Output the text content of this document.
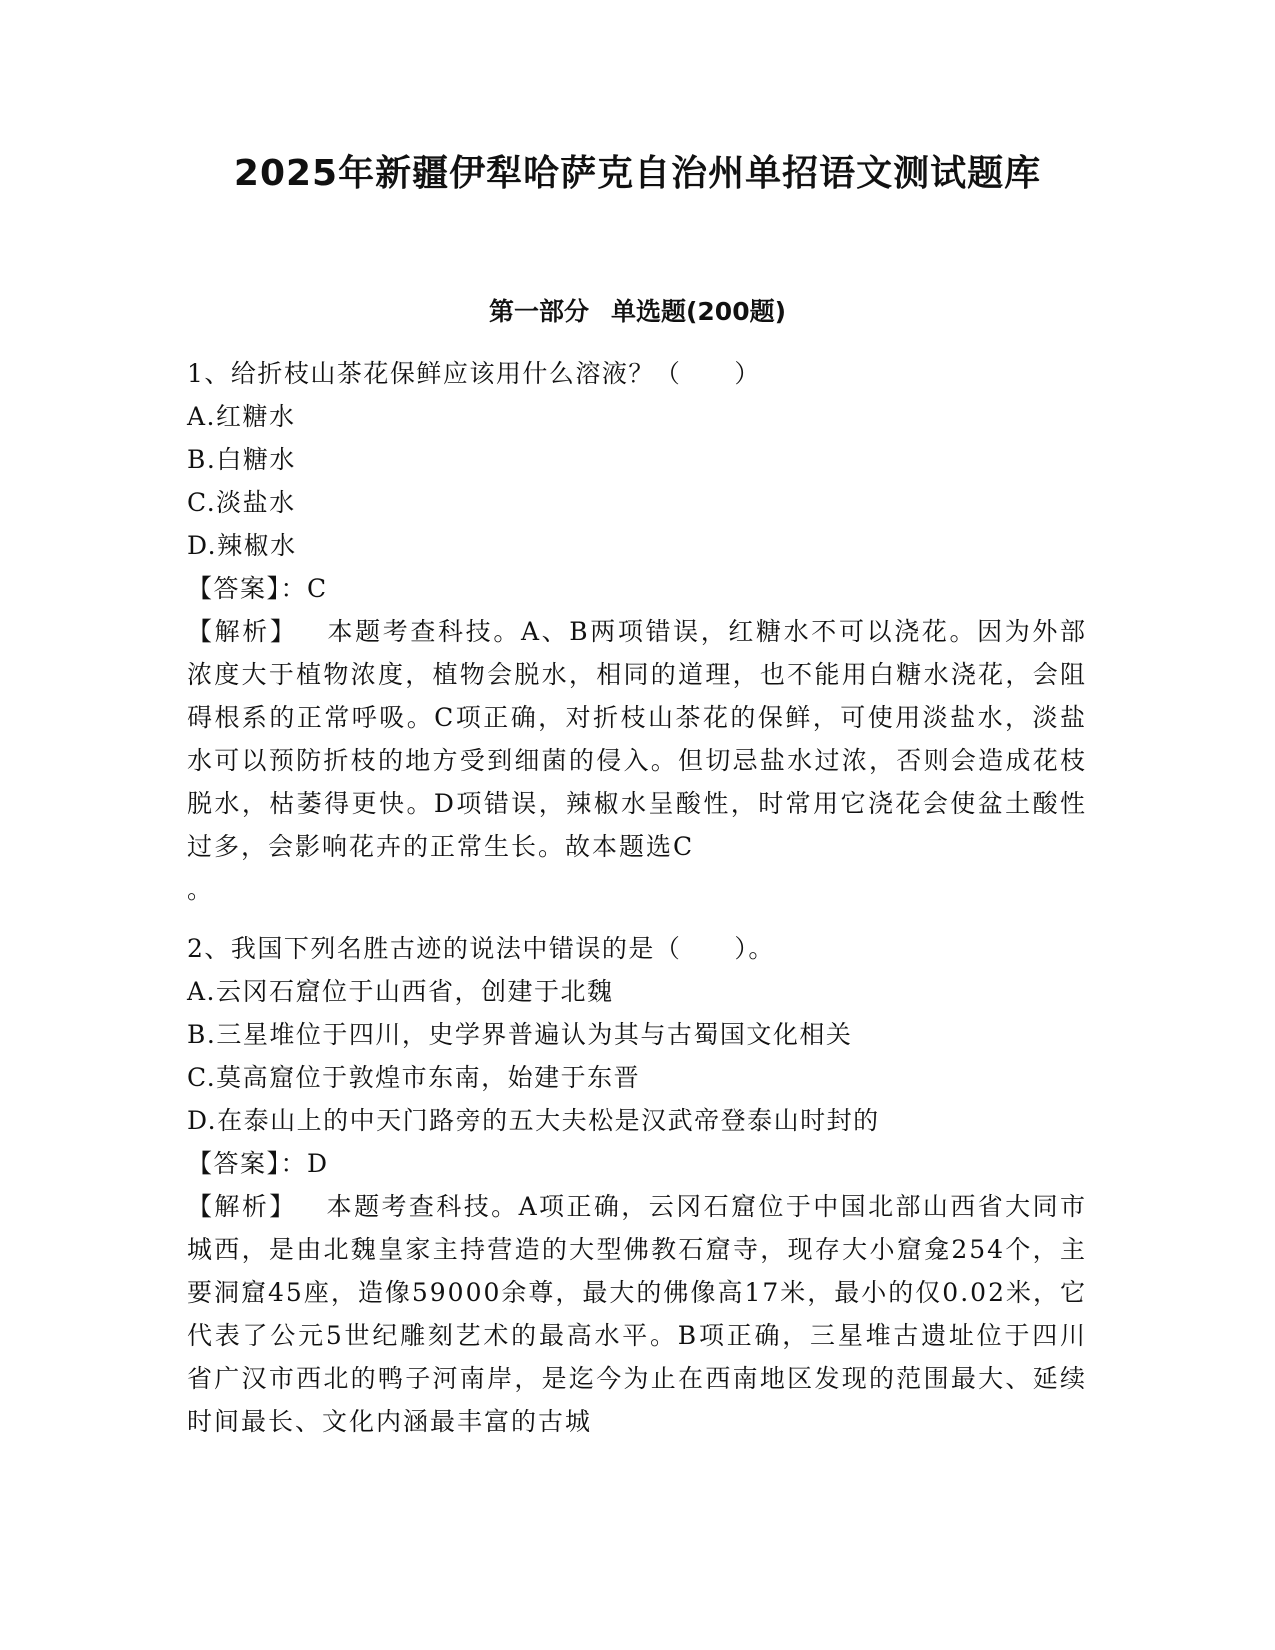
2025年新疆伊犁哈萨克自治州单招语文测试题库
第一部分 单选题(200题)
1、给折枝山茶花保鲜应该用什么溶液？（　　）
A.红糖水
B.白糖水
C.淡盐水
D.辣椒水
【答案】：C
【解析】 本题考查科技。A、B两项错误，红糖水不可以浇花。因为外部浓度大于植物浓度，植物会脱水，相同的道理，也不能用白糖水浇花，会阻碍根系的正常呼吸。C项正确，对折枝山茶花的保鲜，可使用淡盐水，淡盐水可以预防折枝的地方受到细菌的侵入。但切忌盐水过浓，否则会造成花枝脱水，枯萎得更快。D项错误，辣椒水呈酸性，时常用它浇花会使盆土酸性过多，会影响花卉的正常生长。故本题选C
。
2、我国下列名胜古迹的说法中错误的是（　　）。
A.云冈石窟位于山西省，创建于北魏
B.三星堆位于四川，史学界普遍认为其与古蜀国文化相关
C.莫高窟位于敦煌市东南，始建于东晋
D.在泰山上的中天门路旁的五大夫松是汉武帝登泰山时封的
【答案】：D
【解析】 本题考查科技。A项正确，云冈石窟位于中国北部山西省大同市城西，是由北魏皇家主持营造的大型佛教石窟寺，现存大小窟龛254个，主要洞窟45座，造像59000余尊，最大的佛像高17米，最小的仅0.02米，它代表了公元5世纪雕刻艺术的最高水平。B项正确，三星堆古遗址位于四川省广汉市西北的鸭子河南岸，是迄今为止在西南地区发现的范围最大、延续时间最长、文化内涵最丰富的古城
